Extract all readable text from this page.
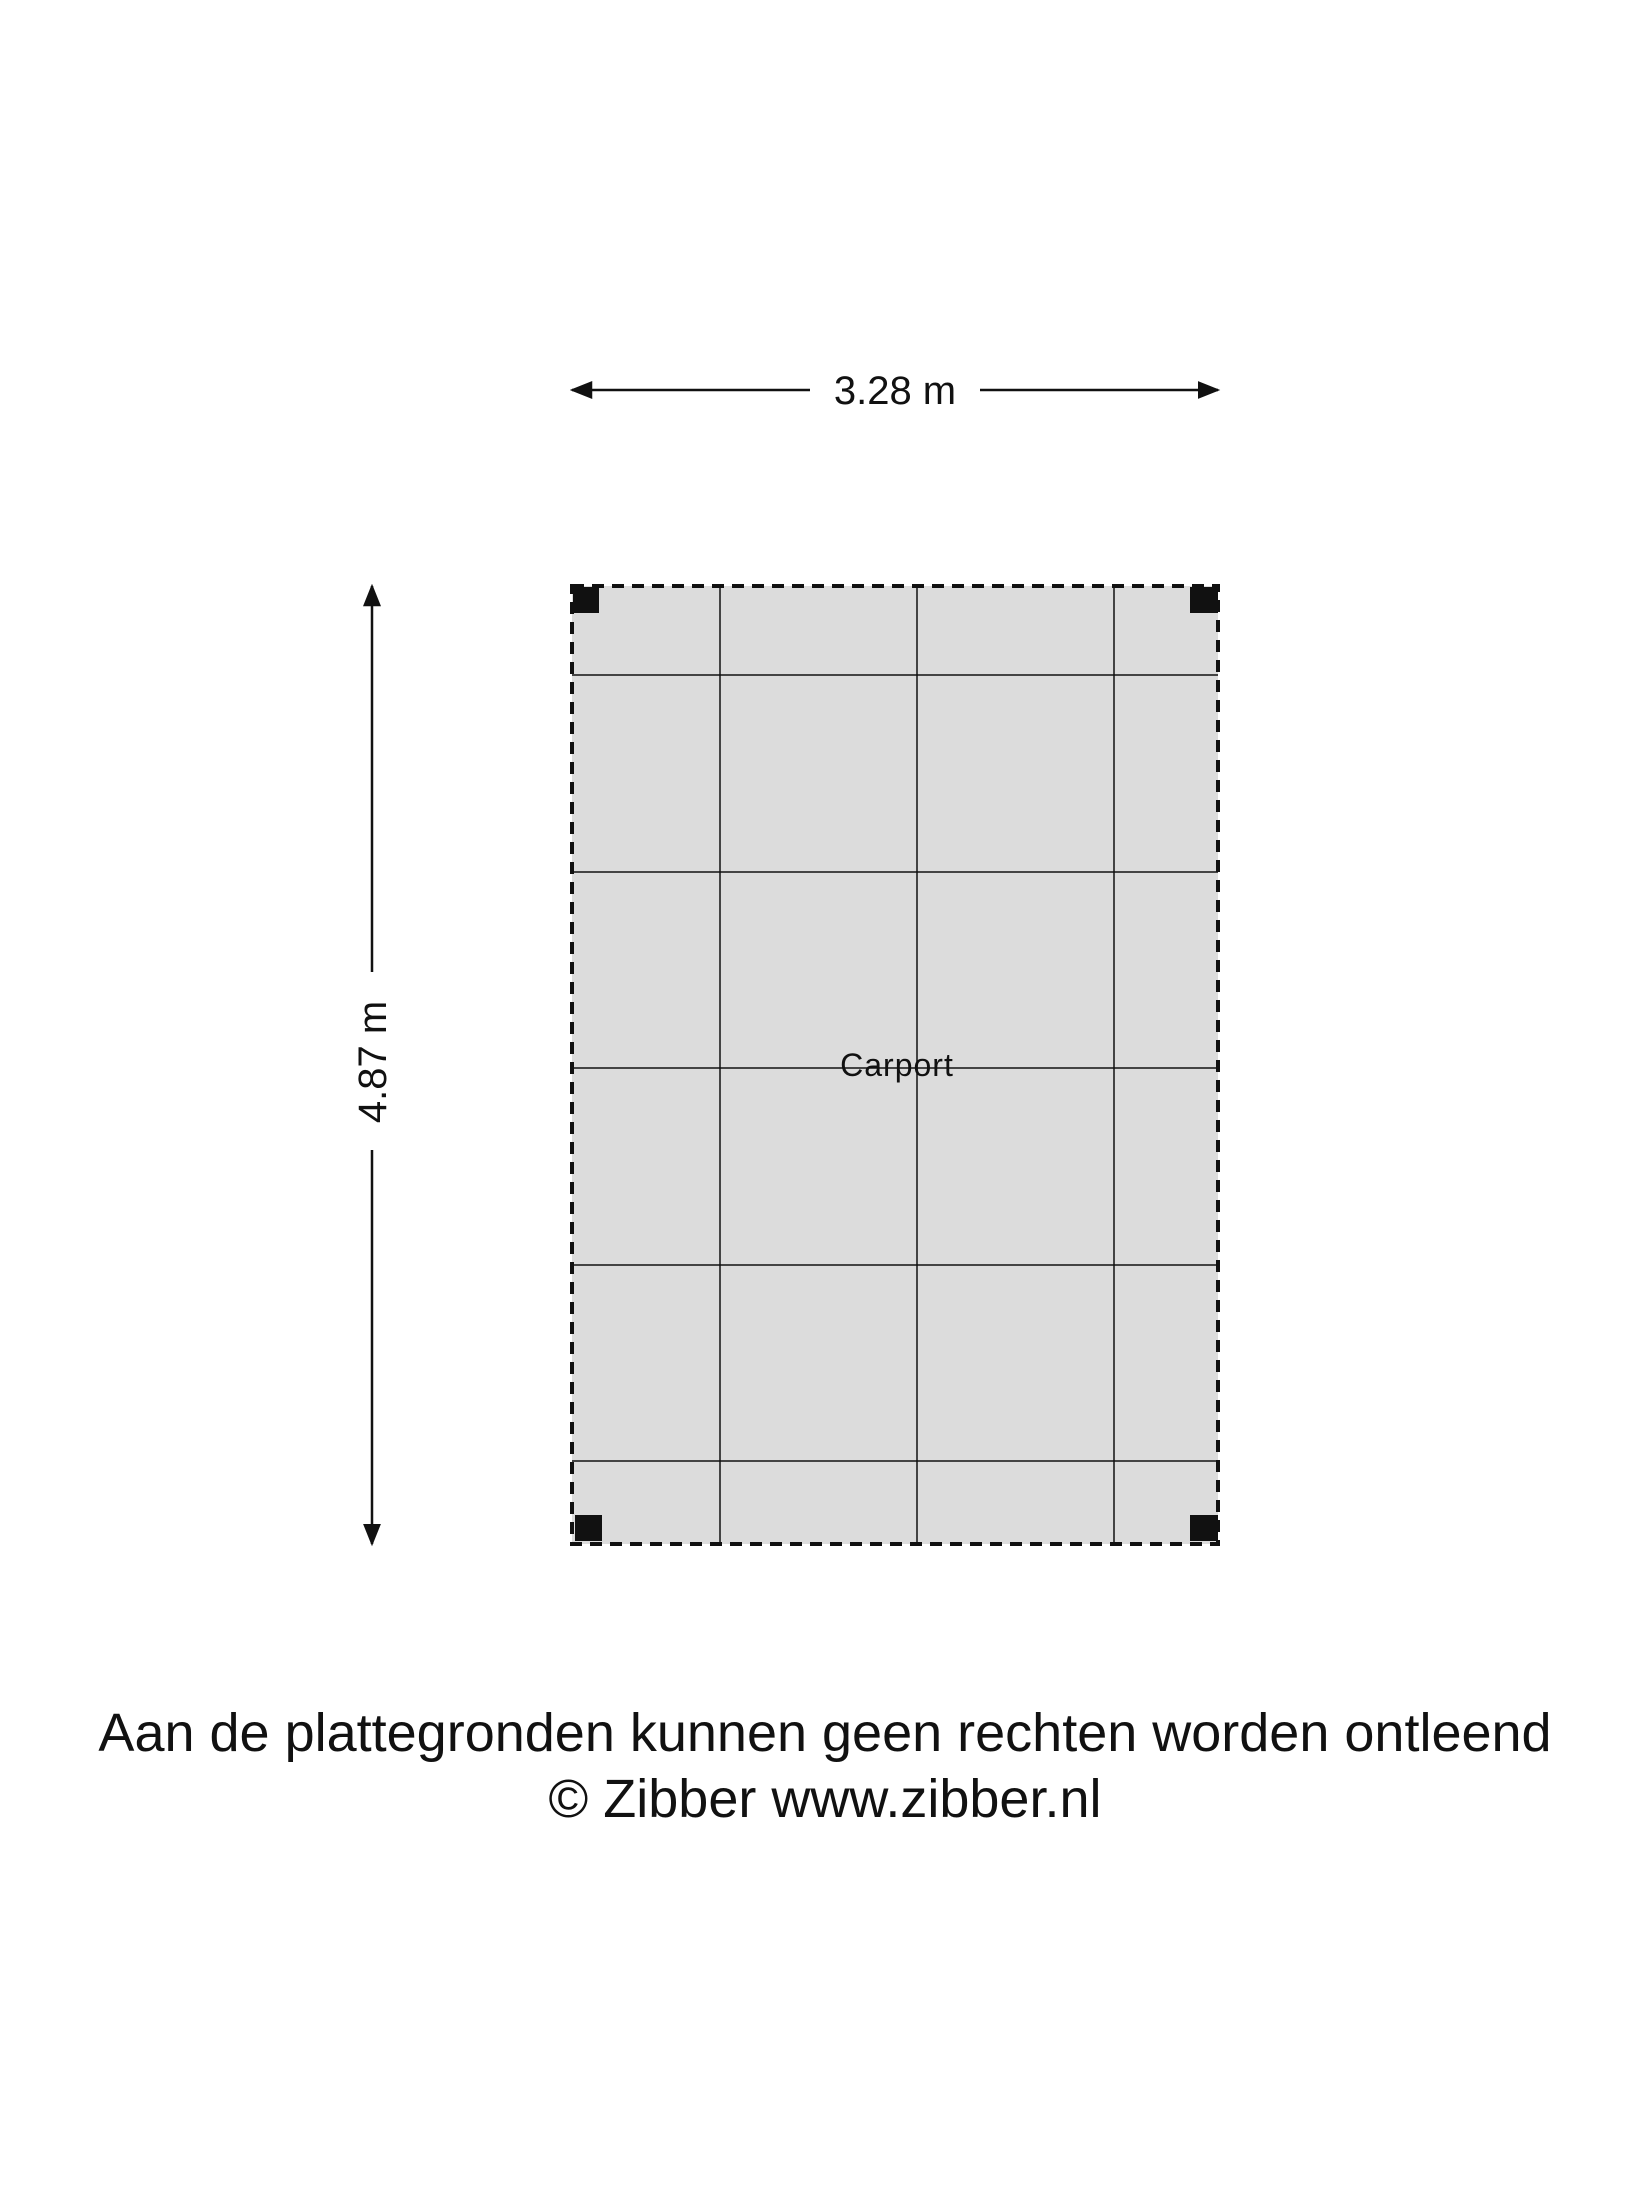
Carport
3.28 m
4.87 m
Aan de plattegronden kunnen geen rechten worden ontleend
© Zibber www.zibber.nl
